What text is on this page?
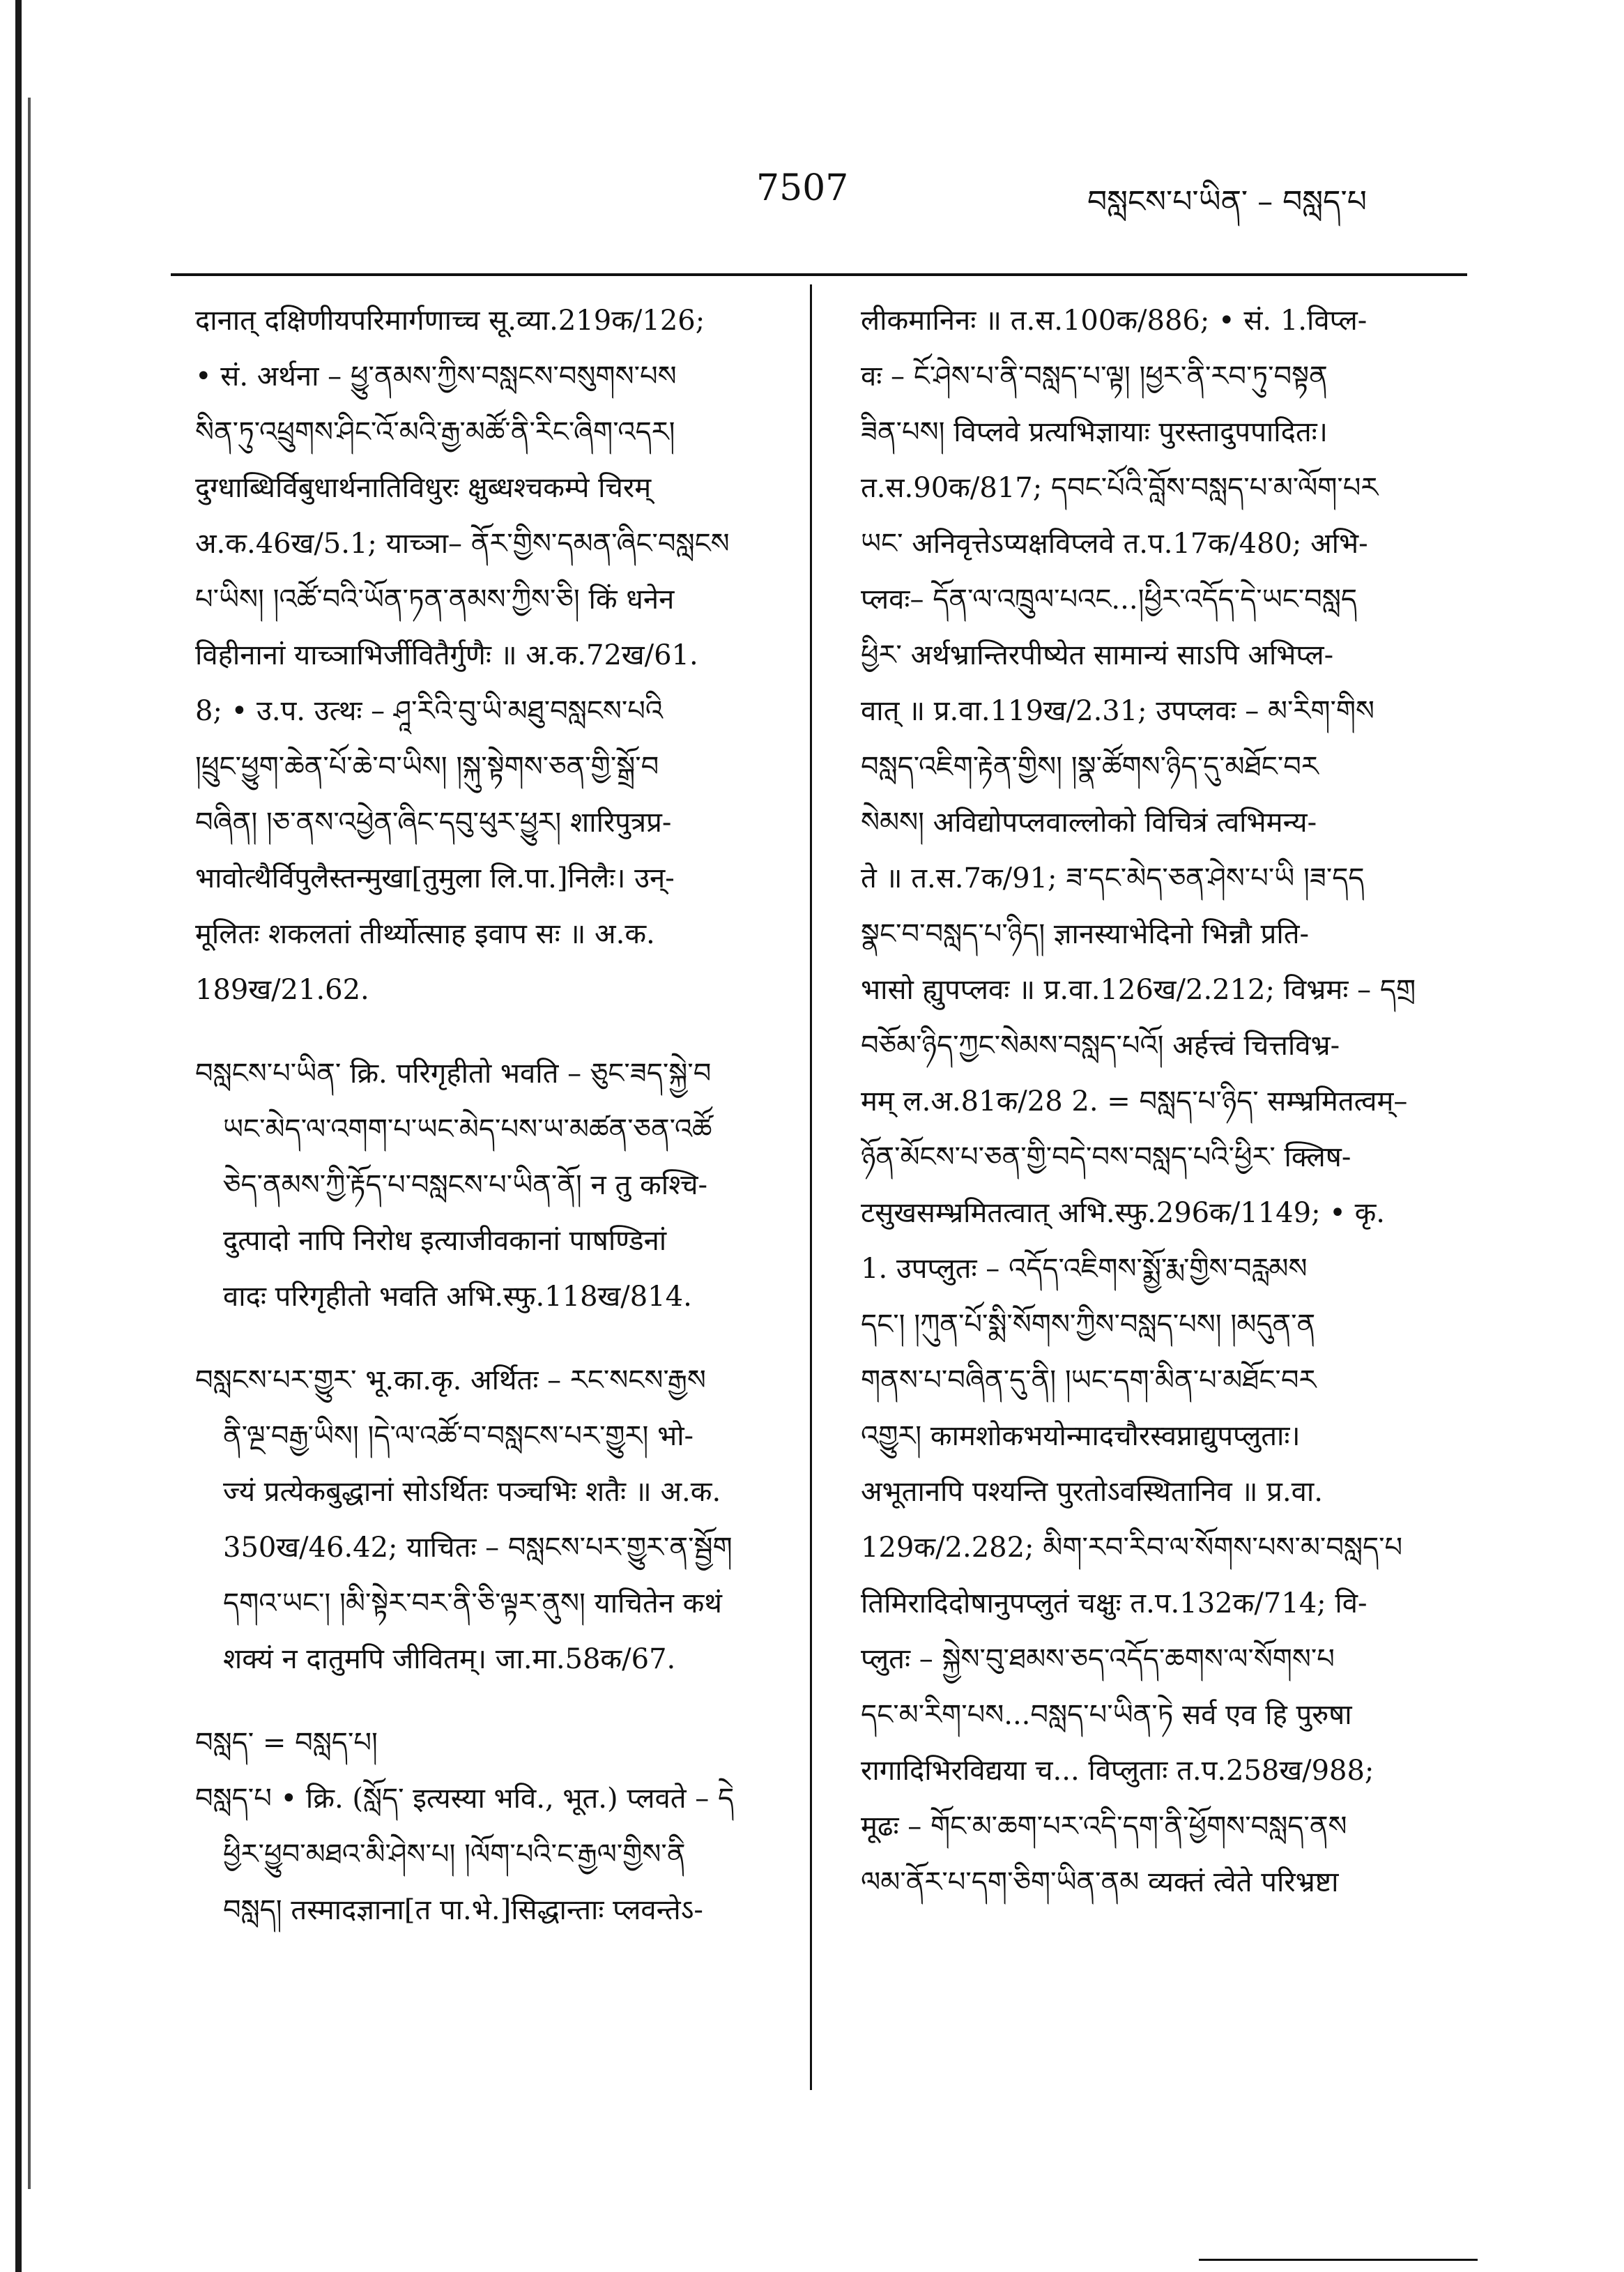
7507	བསླངས་པ་ཡིན་ – བསླད་པ
दानात् दक्षिणीयपरिमार्गणाच्च सू.व्या.219क/126;
• सं. अर्थना – ཕྱུ་ནམས་ཀྱིས་བསླངས་བསུགས་པས
སིན་ཏུ་འཕྲུགས་ཤིང་འོ་མའི་རྒྱ་མཚོ་ནི་རིང་ཞིག་འདར།
दुग्धाब्धिर्विबुधार्थनातिविधुरः क्षुब्धश्चकम्पे चिरम्
अ.क.46ख/5.1; याच्ञा– ནོར་གྱིས་དམན་ཞིང་བསླངས
པ་ཡིས། །འཚོ་བའི་ཡོན་ཏན་ནམས་ཀྱིས་ཅི། किं धनेन
विहीनानां याच्ञाभिर्जीवितैर्गुणैः ॥ अ.क.72ख/61.
8; • उ.प. उत्थः – ཤཱ་རིའི་བུ་ཡི་མཐུ་བསླངས་པའི
།ཕྲུང་ཕྱུག་ཆེན་པོ་ཆེ་བ་ཡིས། །སྐུ་སྟེགས་ཅན་གྱི་སྒྲོ་བ
བཞིན། །ཅ་ནས་འཕྱེན་ཞིང་དབུ་ཕུར་ཕྱུར། शारिपुत्रप्र-
भावोत्थैर्विपुलैस्तन्मुखा[तुमुला लि.पा.]निलैः। उन्-
मूलितः शकलतां तीर्थ्योत्साह इवाप सः ॥ अ.क.
189ख/21.62.
བསླངས་པ་ཡིན་ क्रि. परिगृहीतो भवति – ཅུང་ཟད་སྐྱེ་བ
ཡང་མེད་ལ་འགག་པ་ཡང་མེད་པས་ཡ་མཚན་ཅན་འཚོ
ཅེད་ནམས་ཀྱི་རྟོད་པ་བསླངས་པ་ཡིན་ནོ། न तु कश्चि-
दुत्पादो नापि निरोध इत्याजीवकानां पाषण्डिनां
वादः परिगृहीतो भवति अभि.स्फु.118ख/814.
བསླངས་པར་གྱུར་ भू.का.कृ. अर्थितः – རང་སངས་རྒྱས
ནི་ལྔ་བརྒྱ་ཡིས། །དེ་ལ་འཚོ་བ་བསླངས་པར་གྱུར། भो-
ज्यं प्रत्येकबुद्धानां सोऽर्थितः पञ्चभिः शतैः ॥ अ.क.
350ख/46.42; याचितः – བསླངས་པར་གྱུར་ན་སྦྱོག
དགའ་ཡང་། །མི་སྟེར་བར་ནི་ཅི་ལྟར་ནུས། याचितेन कथं
शक्यं न दातुमपि जीवितम्। जा.मा.58क/67.
བསླད་ = བསླད་པ།
བསླད་པ • क्रि. (སློད་ इत्यस्या भवि., भूत.) प्लवते – དེ
ཕྱིར་ཕྱུབ་མཐའ་མི་ཤེས་པ། །ལོག་པའི་ང་རྒྱལ་གྱིས་ནི
བསླད། तस्मादज्ञाना[त पा.भे.]सिद्धान्ताः प्लवन्तेऽ-
लीकमानिनः ॥ त.स.100क/886; • सं. 1.विप्ल-
वः – ངོ་ཤེས་པ་ནི་བསླད་པ་ལྟ། །ཕྱར་ནི་རབ་ཏུ་བསྟན
ཟིན་པས། विप्लवे प्रत्यभिज्ञायाः पुरस्तादुपपादितः।
त.स.90क/817; དབང་པོའི་བློས་བསླད་པ་མ་ལོག་པར
ཡང་ अनिवृत्तेऽप्यक्षविप्लवे त.प.17क/480; अभि-
प्लवः– དོན་ལ་འཁྲུལ་པའང...།ཕྱིར་འདོད་དེ་ཡང་བསླད
ཕྱིར་ अर्थभ्रान्तिरपीष्येत सामान्यं साऽपि अभिप्ल-
वात् ॥ प्र.वा.119ख/2.31; उपप्लवः – མ་རིག་གིས
བསླད་འཇིག་རྟེན་གྱིས། །སྣ་ཚོགས་ཉིད་དུ་མཐོང་བར
སེམས། अविद्योपप्लवाल्लोको विचित्रं त्वभिमन्य-
ते ॥ त.स.7क/91; ཟ་དང་མེད་ཅན་ཤེས་པ་ཡི །ཟ་དད
སྣང་བ་བསླད་པ་ཉིད། ज्ञानस्याभेदिनो भिन्नौ प्रति-
भासो ह्युपप्लवः ॥ प्र.वा.126ख/2.212; विभ्रमः – དགྲ
བཅོམ་ཉིད་ཀྱང་སེམས་བསླད་པའོ། अर्हत्त्वं चित्तविभ्र-
मम् ल.अ.81क/28 2. = བསླད་པ་ཉིད་ सम्भ्रमितत्वम्–
ཉོན་མོངས་པ་ཅན་གྱི་བདེ་བས་བསླད་པའི་ཕྱིར་ क्लिष-
टसुखसम्भ्रमितत्वात् अभि.स्फु.296क/1149; • कृ.
1. उपप्लुतः – འདོད་འཇིགས་སྨྱོ་རྨ་གྱིས་བརླམས
དང་། །ཀུན་པོ་སྨི་སོགས་ཀྱིས་བསླད་པས། །མདུན་ན
གནས་པ་བཞིན་དུ་ནི། །ཡང་དག་མིན་པ་མཐོང་བར
འགྱུར། कामशोकभयोन्मादचौरस्वप्नाद्युपप्लुताः।
अभूतानपि पश्यन्ति पुरतोऽवस्थितानिव ॥ प्र.वा.
129क/2.282; མིག་རབ་རིབ་ལ་སོགས་པས་མ་བསླད་པ
तिमिरादिदोषानुपप्लुतं चक्षुः त.प.132क/714; वि-
प्लुतः – སྐྱེས་བུ་ཐམས་ཅད་འདོད་ཆགས་ལ་སོགས་པ
དང་མ་རིག་པས...བསླད་པ་ཡིན་ཏེ सर्व एव हि पुरुषा
रागादिभिरविद्यया च... विप्लुताः त.प.258ख/988;
मूढः – གོང་མ་ཆག་པར་འདི་དག་ནི་ཕྱོགས་བསླད་ནས
ལམ་ནོར་པ་དག་ཅིག་ཡིན་ནམ व्यक्तं त्वेते परिभ्रष्टा
